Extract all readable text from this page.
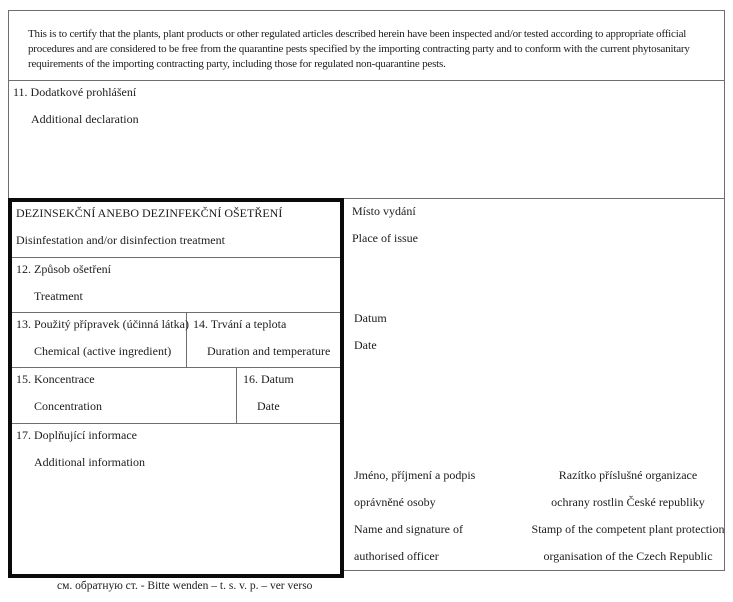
This is to certify that the plants, plant products or other regulated articles described herein have been inspected and/or tested according to appropriate official procedures and are considered to be free from the quarantine pests specified by the importing contracting party and to conform with the current phytosanitary requirements of the importing contracting party, including those for regulated non-quarantine pests.
11. Dodatkové prohlášení
Additional declaration
Místo vydání
Place of issue
Datum
Date
Jméno, příjmení a podpis
oprávněné osoby
Name and signature of
authorised officer
Razítko příslušné organizace
ochrany rostlin České republiky
Stamp of the competent plant protection
organisation of the Czech Republic
DEZINSEKČNÍ ANEBO DEZINFEKČNÍ OŠETŘENÍ
Disinfestation and/or disinfection treatment
12. Způsob ošetření
Treatment
13. Použitý přípravek (účinná látka)
Chemical (active ingredient)
14. Trvání a teplota
Duration and temperature
15. Koncentrace
Concentration
16. Datum
Date
17. Doplňující informace
Additional information
см. обратную ст. - Bitte wenden – t. s. v. p. – ver verso
